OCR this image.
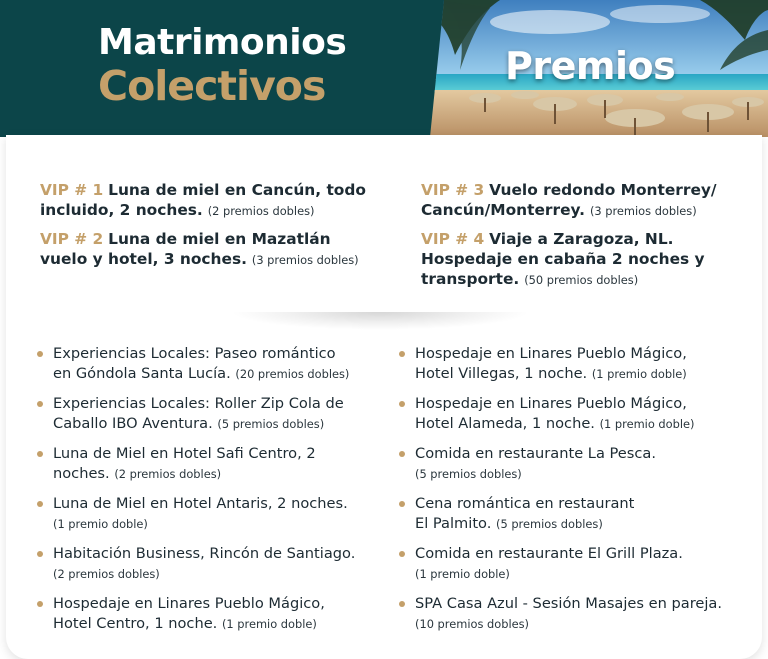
Matrimonios
Colectivos	Premios
VIP # 1 Luna de miel en Cancún, todo
incluido, 2 noches. (2 premios dobles)
VIP # 2 Luna de miel en Mazatlán
vuelo y hotel, 3 noches. (3 premios dobles)
VIP # 3 Vuelo redondo Monterrey/
Cancún/Monterrey. (3 premios dobles)
VIP # 4 Viaje a Zaragoza, NL.
Hospedaje en cabaña 2 noches y
transporte. (50 premios dobles)
Experiencias Locales: Paseo romántico
en Góndola Santa Lucía. (20 premios dobles)
Experiencias Locales: Roller Zip Cola de
Caballo IBO Aventura. (5 premios dobles)
Luna de Miel en Hotel Safi Centro, 2
noches. (2 premios dobles)
Luna de Miel en Hotel Antaris, 2 noches.
(1 premio doble)
Habitación Business, Rincón de Santiago.
(2 premios dobles)
Hospedaje en Linares Pueblo Mágico,
Hotel Centro, 1 noche. (1 premio doble)
Hospedaje en Linares Pueblo Mágico,
Hotel Villegas, 1 noche. (1 premio doble)
Hospedaje en Linares Pueblo Mágico,
Hotel Alameda, 1 noche. (1 premio doble)
Comida en restaurante La Pesca.
(5 premios dobles)
Cena romántica en restaurant
El Palmito. (5 premios dobles)
Comida en restaurante El Grill Plaza.
(1 premio doble)
SPA Casa Azul - Sesión Masajes en pareja.
(10 premios dobles)
